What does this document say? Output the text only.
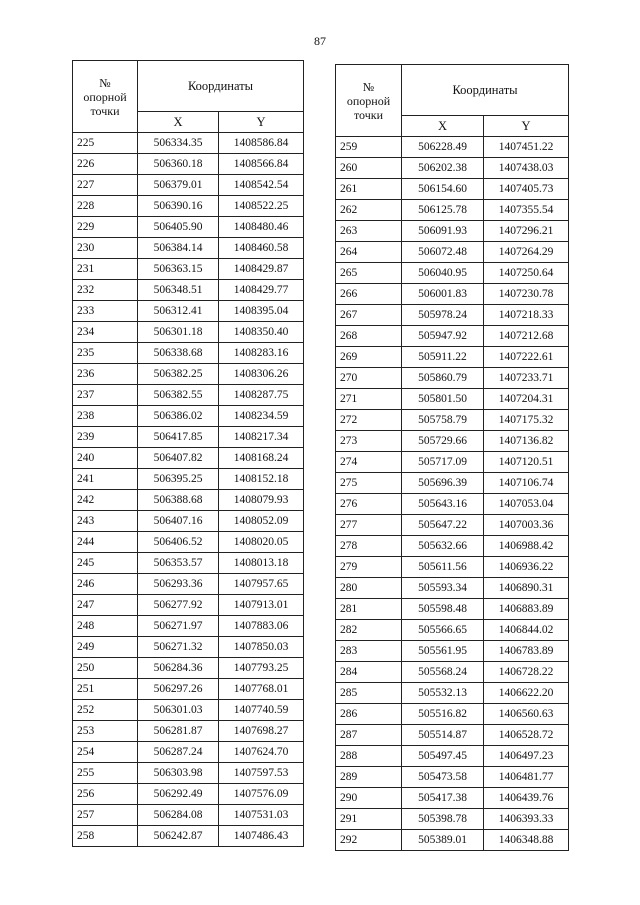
87
№
опорной
точки	Координаты	
	X	Y
225	506334.35	1408586.84
226	506360.18	1408566.84
227	506379.01	1408542.54
228	506390.16	1408522.25
229	506405.90	1408480.46
230	506384.14	1408460.58
231	506363.15	1408429.87
232	506348.51	1408429.77
233	506312.41	1408395.04
234	506301.18	1408350.40
235	506338.68	1408283.16
236	506382.25	1408306.26
237	506382.55	1408287.75
238	506386.02	1408234.59
239	506417.85	1408217.34
240	506407.82	1408168.24
241	506395.25	1408152.18
242	506388.68	1408079.93
243	506407.16	1408052.09
244	506406.52	1408020.05
245	506353.57	1408013.18
246	506293.36	1407957.65
247	506277.92	1407913.01
248	506271.97	1407883.06
249	506271.32	1407850.03
250	506284.36	1407793.25
251	506297.26	1407768.01
252	506301.03	1407740.59
253	506281.87	1407698.27
254	506287.24	1407624.70
255	506303.98	1407597.53
256	506292.49	1407576.09
257	506284.08	1407531.03
258	506242.87	1407486.43
№
опорной
точки	Координаты	
	X	Y
259	506228.49	1407451.22
260	506202.38	1407438.03
261	506154.60	1407405.73
262	506125.78	1407355.54
263	506091.93	1407296.21
264	506072.48	1407264.29
265	506040.95	1407250.64
266	506001.83	1407230.78
267	505978.24	1407218.33
268	505947.92	1407212.68
269	505911.22	1407222.61
270	505860.79	1407233.71
271	505801.50	1407204.31
272	505758.79	1407175.32
273	505729.66	1407136.82
274	505717.09	1407120.51
275	505696.39	1407106.74
276	505643.16	1407053.04
277	505647.22	1407003.36
278	505632.66	1406988.42
279	505611.56	1406936.22
280	505593.34	1406890.31
281	505598.48	1406883.89
282	505566.65	1406844.02
283	505561.95	1406783.89
284	505568.24	1406728.22
285	505532.13	1406622.20
286	505516.82	1406560.63
287	505514.87	1406528.72
288	505497.45	1406497.23
289	505473.58	1406481.77
290	505417.38	1406439.76
291	505398.78	1406393.33
292	505389.01	1406348.88
